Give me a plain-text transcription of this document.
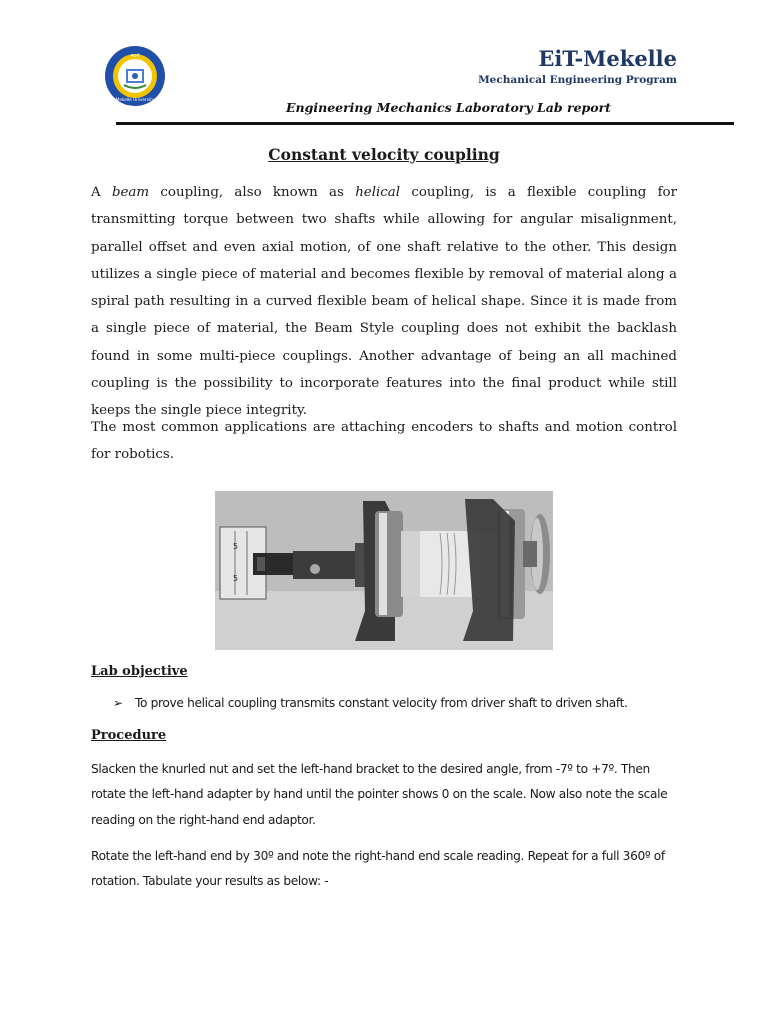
ፍርዳ
Mekelle University
EiT-Mekelle
Mechanical Engineering Program
Engineering Mechanics Laboratory Lab report
Constant velocity coupling
A beam coupling, also known as helical coupling, is a flexible coupling for transmitting torque between two shafts while allowing for angular misalignment, parallel offset and even axial motion, of one shaft relative to the other. This design utilizes a single piece of material and becomes flexible by removal of material along a spiral path resulting in a curved flexible beam of helical shape. Since it is made from a single piece of material, the Beam Style coupling does not exhibit the backlash found in some multi-piece couplings. Another advantage of being an all machined coupling is the possibility to incorporate features into the final product while still keeps the single piece integrity.
The most common applications are attaching encoders to shafts and motion control for robotics.
5
5
Lab objective
➢ To prove helical coupling transmits constant velocity from driver shaft to driven shaft.
Procedure
Slacken the knurled nut and set the left-hand bracket to the desired angle, from -7º to +7º. Then rotate the left-hand adapter by hand until the pointer shows 0 on the scale. Now also note the scale reading on the right-hand end adaptor.
Rotate the left-hand end by 30º and note the right-hand end scale reading. Repeat for a full 360º of rotation. Tabulate your results as below: -
